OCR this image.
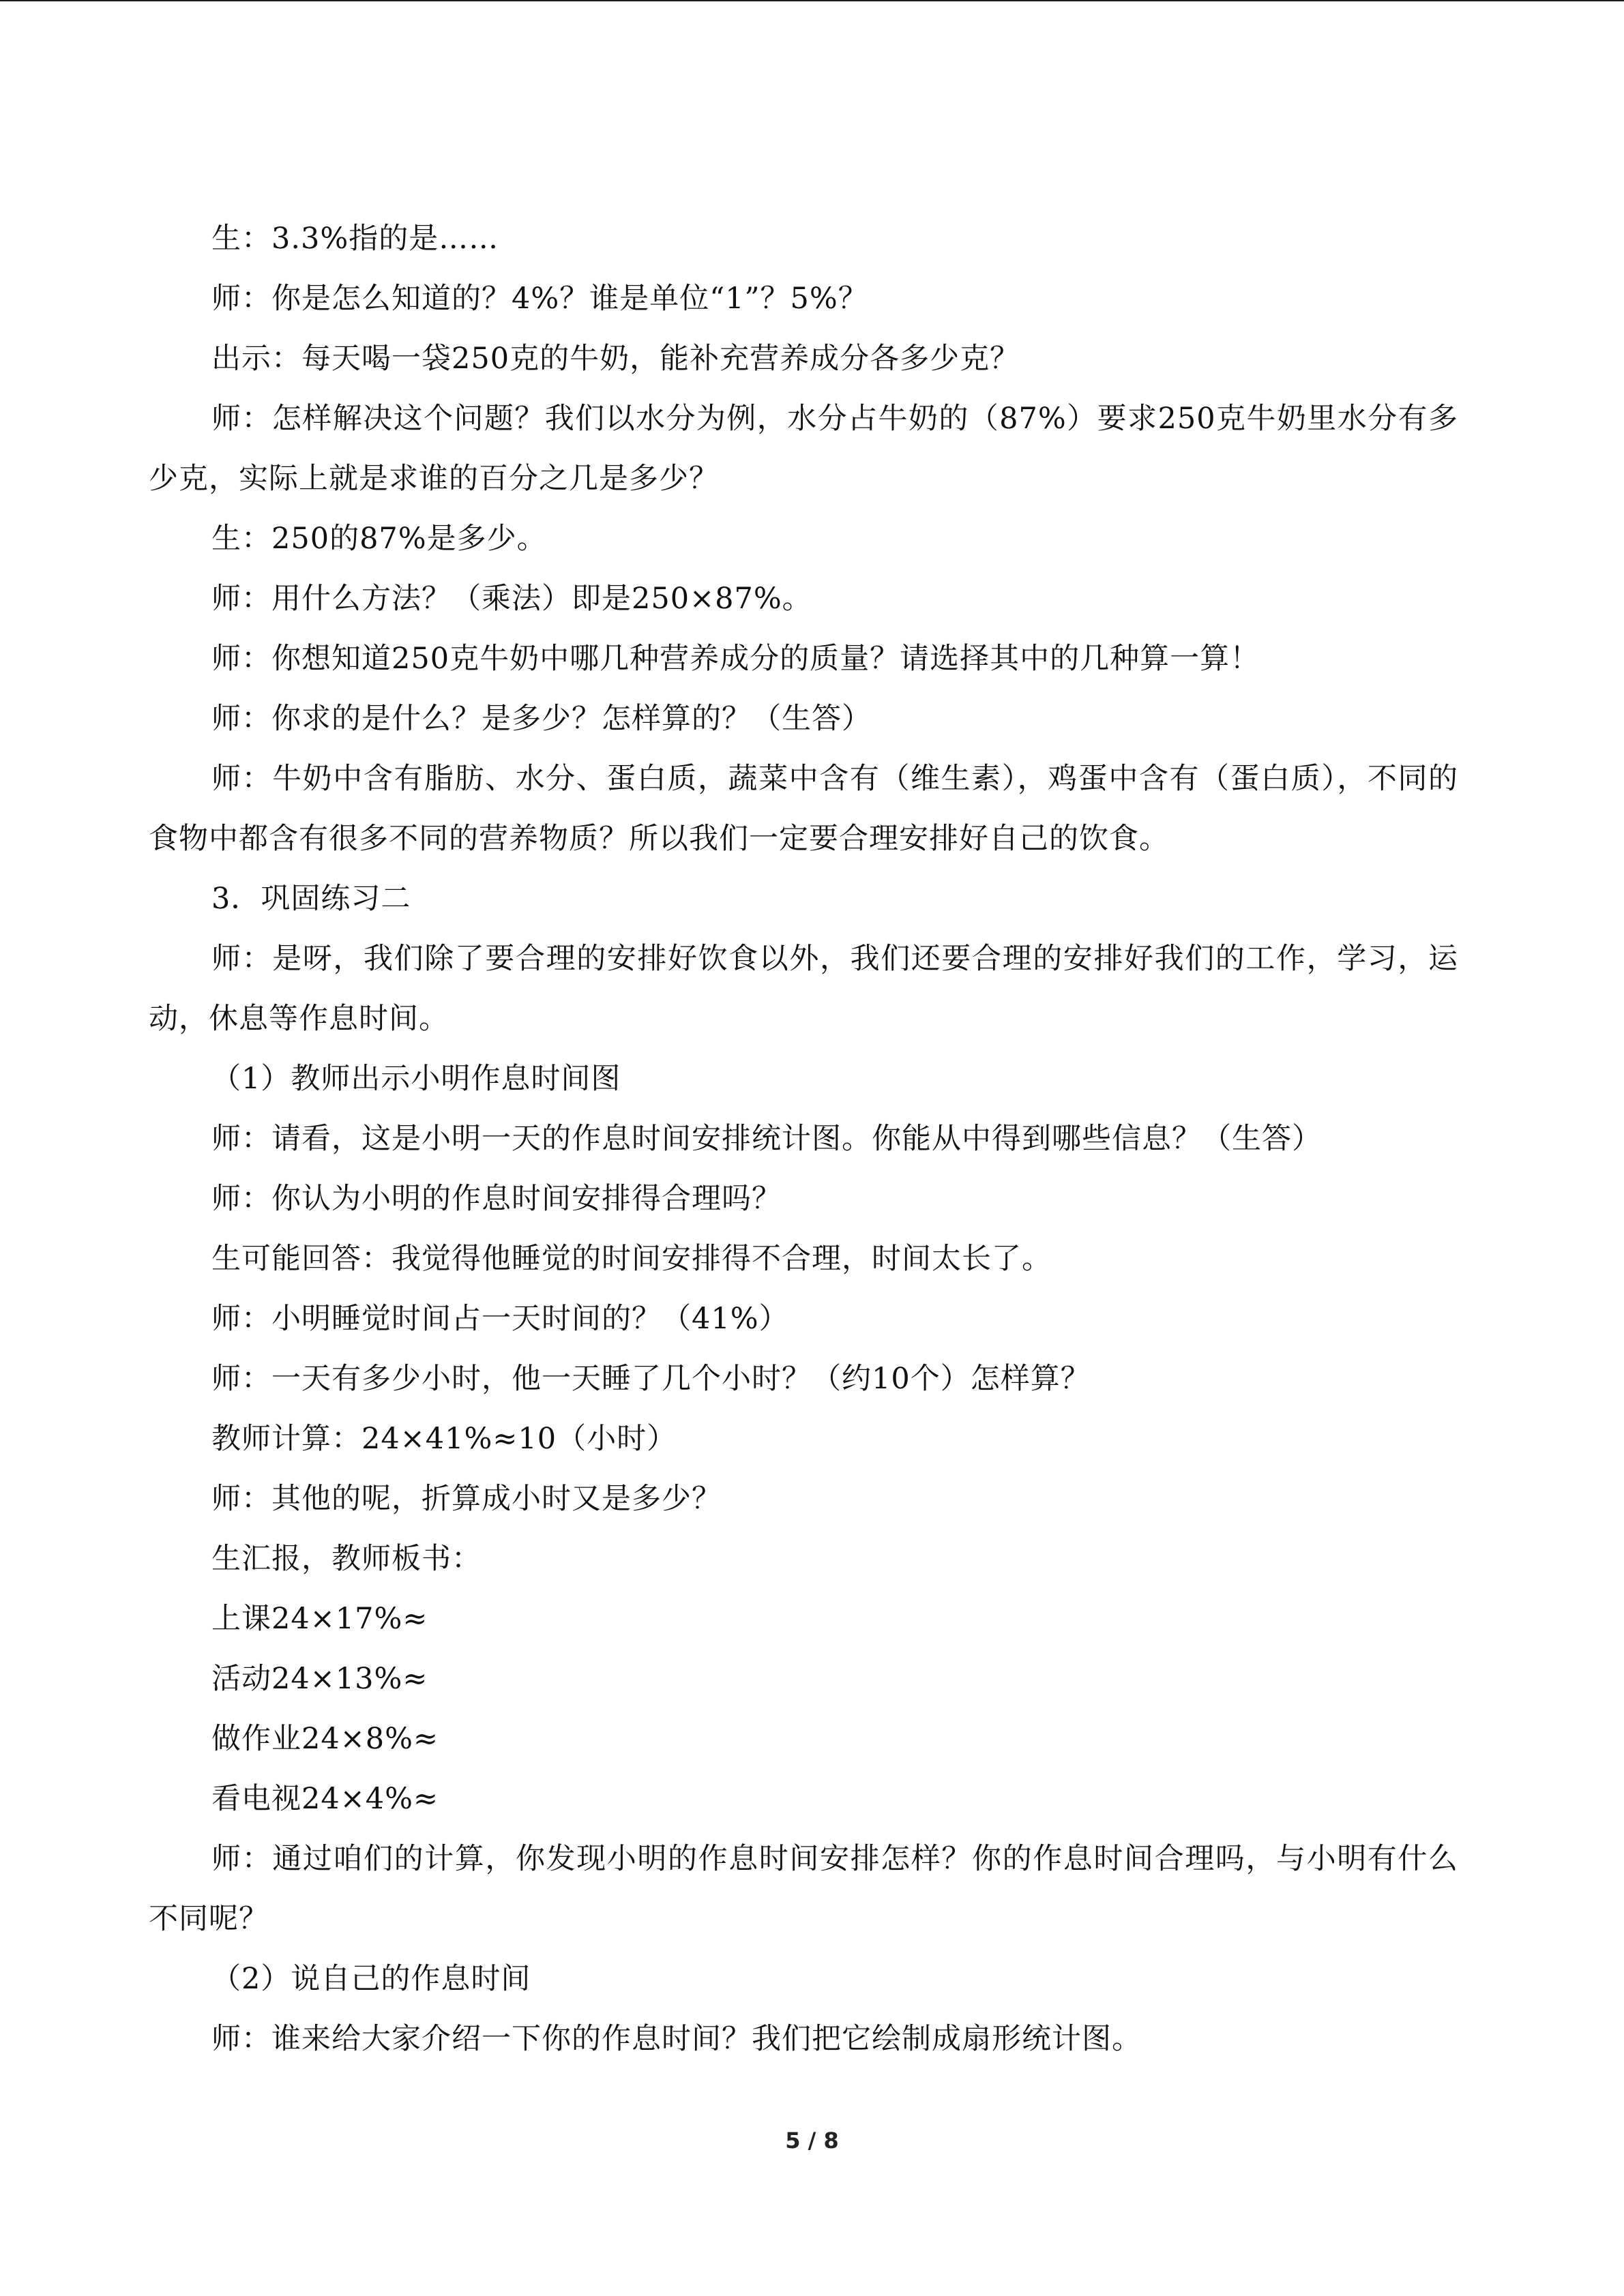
生：3.3%指的是……

师：你是怎么知道的？4%？谁是单位“1”？5%？

出示：每天喝一袋250克的牛奶，能补充营养成分各多少克？

师：怎样解决这个问题？我们以水分为例，水分占牛奶的（87%）要求250克牛奶里水分有多少克，实际上就是求谁的百分之几是多少？

生：250的87%是多少。

师：用什么方法？（乘法）即是250×87%。

师：你想知道250克牛奶中哪几种营养成分的质量？请选择其中的几种算一算！

师：你求的是什么？是多少？怎样算的？（生答）

师：牛奶中含有脂肪、水分、蛋白质，蔬菜中含有（维生素），鸡蛋中含有（蛋白质），不同的食物中都含有很多不同的营养物质？所以我们一定要合理安排好自己的饮食。

3．巩固练习二

师：是呀，我们除了要合理的安排好饮食以外，我们还要合理的安排好我们的工作，学习，运动，休息等作息时间。

（1）教师出示小明作息时间图

师：请看，这是小明一天的作息时间安排统计图。你能从中得到哪些信息？（生答）

师：你认为小明的作息时间安排得合理吗？

生可能回答：我觉得他睡觉的时间安排得不合理，时间太长了。

师：小明睡觉时间占一天时间的？（41%）

师：一天有多少小时，他一天睡了几个小时？（约10个）怎样算？

教师计算：24×41%≈10（小时）

师：其他的呢，折算成小时又是多少？

生汇报，教师板书：

上课24×17%≈

活动24×13%≈

做作业24×8%≈

看电视24×4%≈

师：通过咱们的计算，你发现小明的作息时间安排怎样？你的作息时间合理吗，与小明有什么不同呢？

（2）说自己的作息时间

师：谁来给大家介绍一下你的作息时间？我们把它绘制成扇形统计图。

5 / 8
